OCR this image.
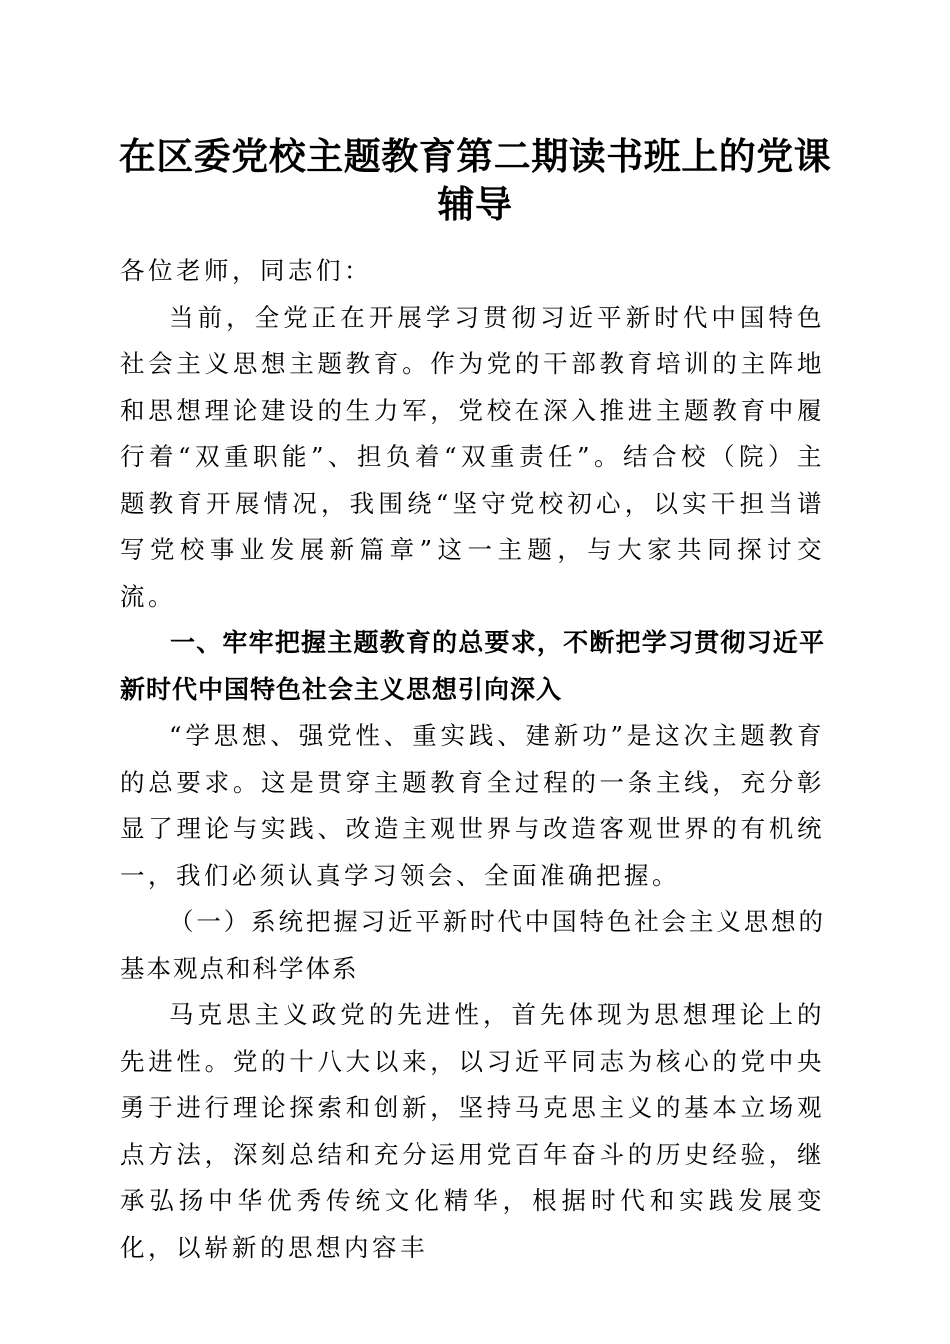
在区委党校主题教育第二期读书班上的党课辅导

各位老师，同志们：

当前，全党正在开展学习贯彻习近平新时代中国特色社会主义思想主题教育。作为党的干部教育培训的主阵地和思想理论建设的生力军，党校在深入推进主题教育中履行着“双重职能”、担负着“双重责任”。结合校（院）主题教育开展情况，我围绕“坚守党校初心，以实干担当谱写党校事业发展新篇章”这一主题，与大家共同探讨交流。

一、牢牢把握主题教育的总要求，不断把学习贯彻习近平新时代中国特色社会主义思想引向深入

“学思想、强党性、重实践、建新功”是这次主题教育的总要求。这是贯穿主题教育全过程的一条主线，充分彰显了理论与实践、改造主观世界与改造客观世界的有机统一，我们必须认真学习领会、全面准确把握。

（一）系统把握习近平新时代中国特色社会主义思想的基本观点和科学体系

马克思主义政党的先进性，首先体现为思想理论上的先进性。党的十八大以来，以习近平同志为核心的党中央勇于进行理论探索和创新，坚持马克思主义的基本立场观点方法，深刻总结和充分运用党百年奋斗的历史经验，继承弘扬中华优秀传统文化精华，根据时代和实践发展变化，以崭新的思想内容丰
